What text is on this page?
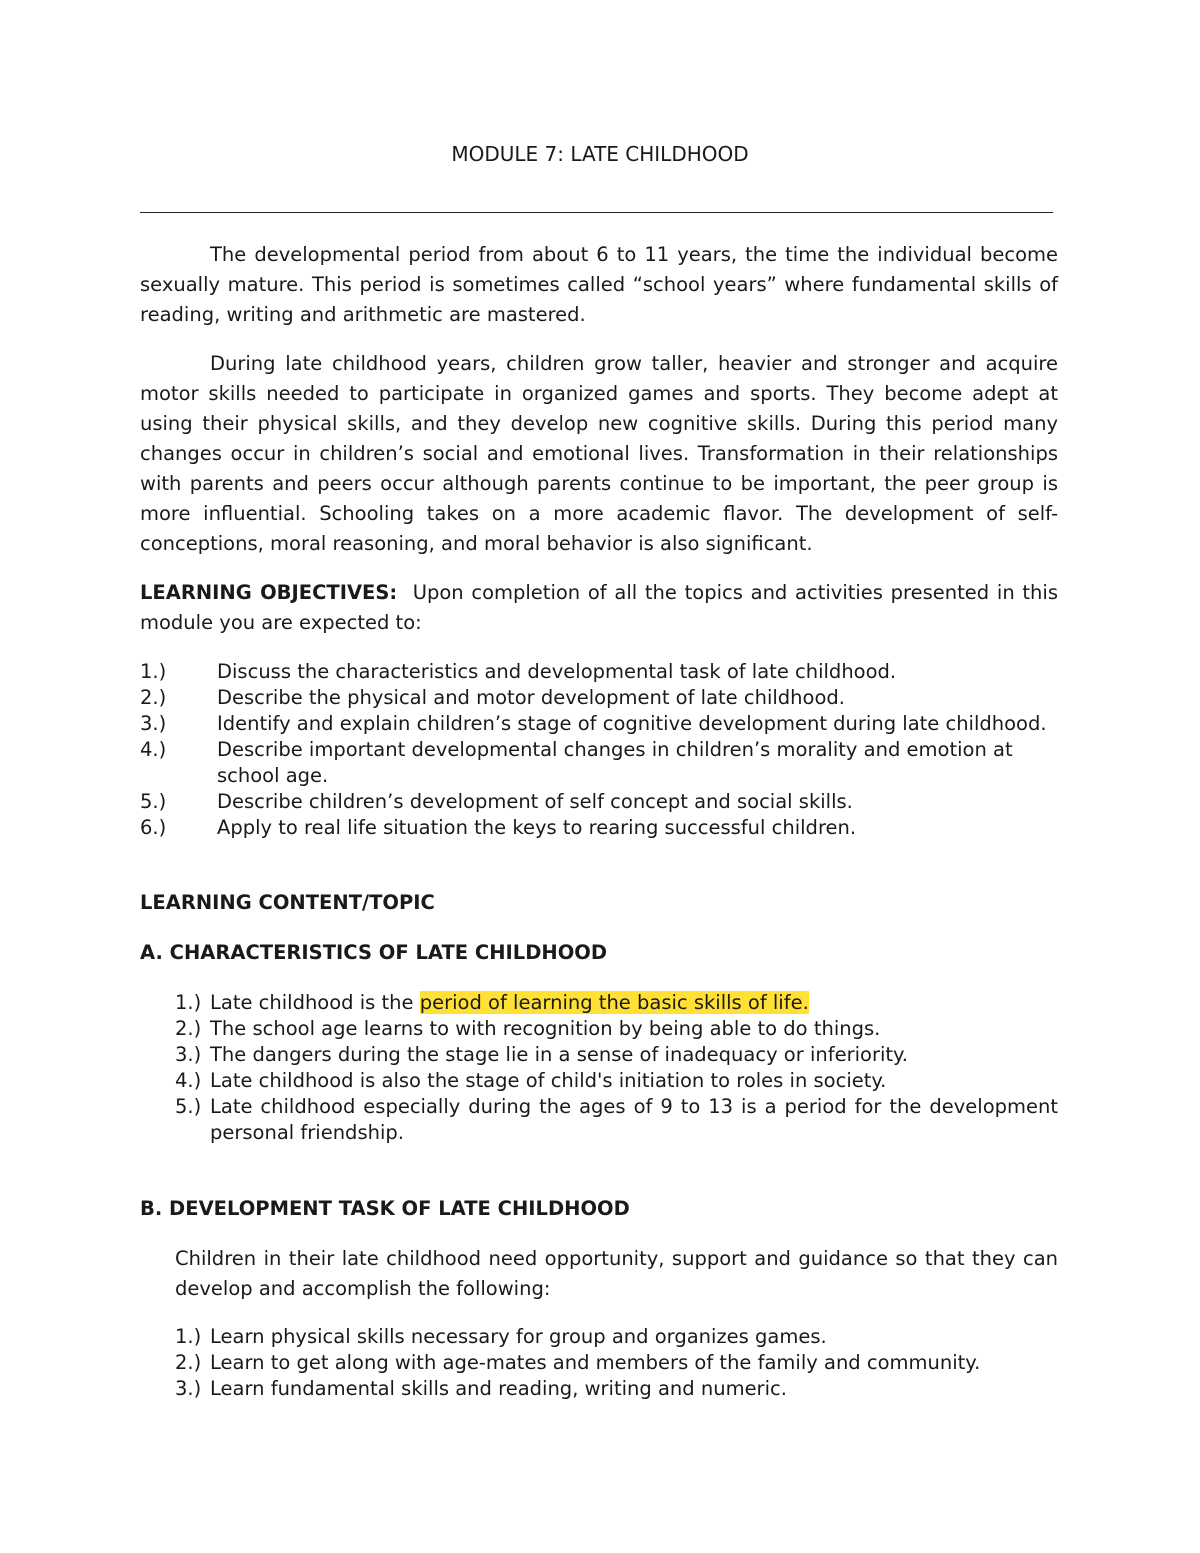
MODULE 7: LATE CHILDHOOD

The developmental period from about 6 to 11 years, the time the individual become sexually mature. This period is sometimes called “school years” where fundamental skills of reading, writing and arithmetic are mastered.

During late childhood years, children grow taller, heavier and stronger and acquire motor skills needed to participate in organized games and sports. They become adept at using their physical skills, and they develop new cognitive skills. During this period many changes occur in children’s social and emotional lives. Transformation in their relationships with parents and peers occur although parents continue to be important, the peer group is more influential. Schooling takes on a more academic flavor. The development of self-conceptions, moral reasoning, and moral behavior is also significant.

LEARNING OBJECTIVES: Upon completion of all the topics and activities presented in this module you are expected to:

1.)	Discuss the characteristics and developmental task of late childhood.
2.)	Describe the physical and motor development of late childhood.
3.)	Identify and explain children’s stage of cognitive development during late childhood.
4.)	Describe important developmental changes in children’s morality and emotion at school age.
5.)	Describe children’s development of self concept and social skills.
6.)	Apply to real life situation the keys to rearing successful children.
LEARNING CONTENT/TOPIC
A. CHARACTERISTICS OF LATE CHILDHOOD
1.) Late childhood is the period of learning the basic skills of life.
2.) The school age learns to with recognition by being able to do things.
3.) The dangers during the stage lie in a sense of inadequacy or inferiority.
4.) Late childhood is also the stage of child's initiation to roles in society.
5.) Late childhood especially during the ages of 9 to 13 is a period for the development personal friendship.
B. DEVELOPMENT TASK OF LATE CHILDHOOD

Children in their late childhood need opportunity, support and guidance so that they can develop and accomplish the following:

1.) Learn physical skills necessary for group and organizes games.
2.) Learn to get along with age-mates and members of the family and community.
3.) Learn fundamental skills and reading, writing and numeric.
